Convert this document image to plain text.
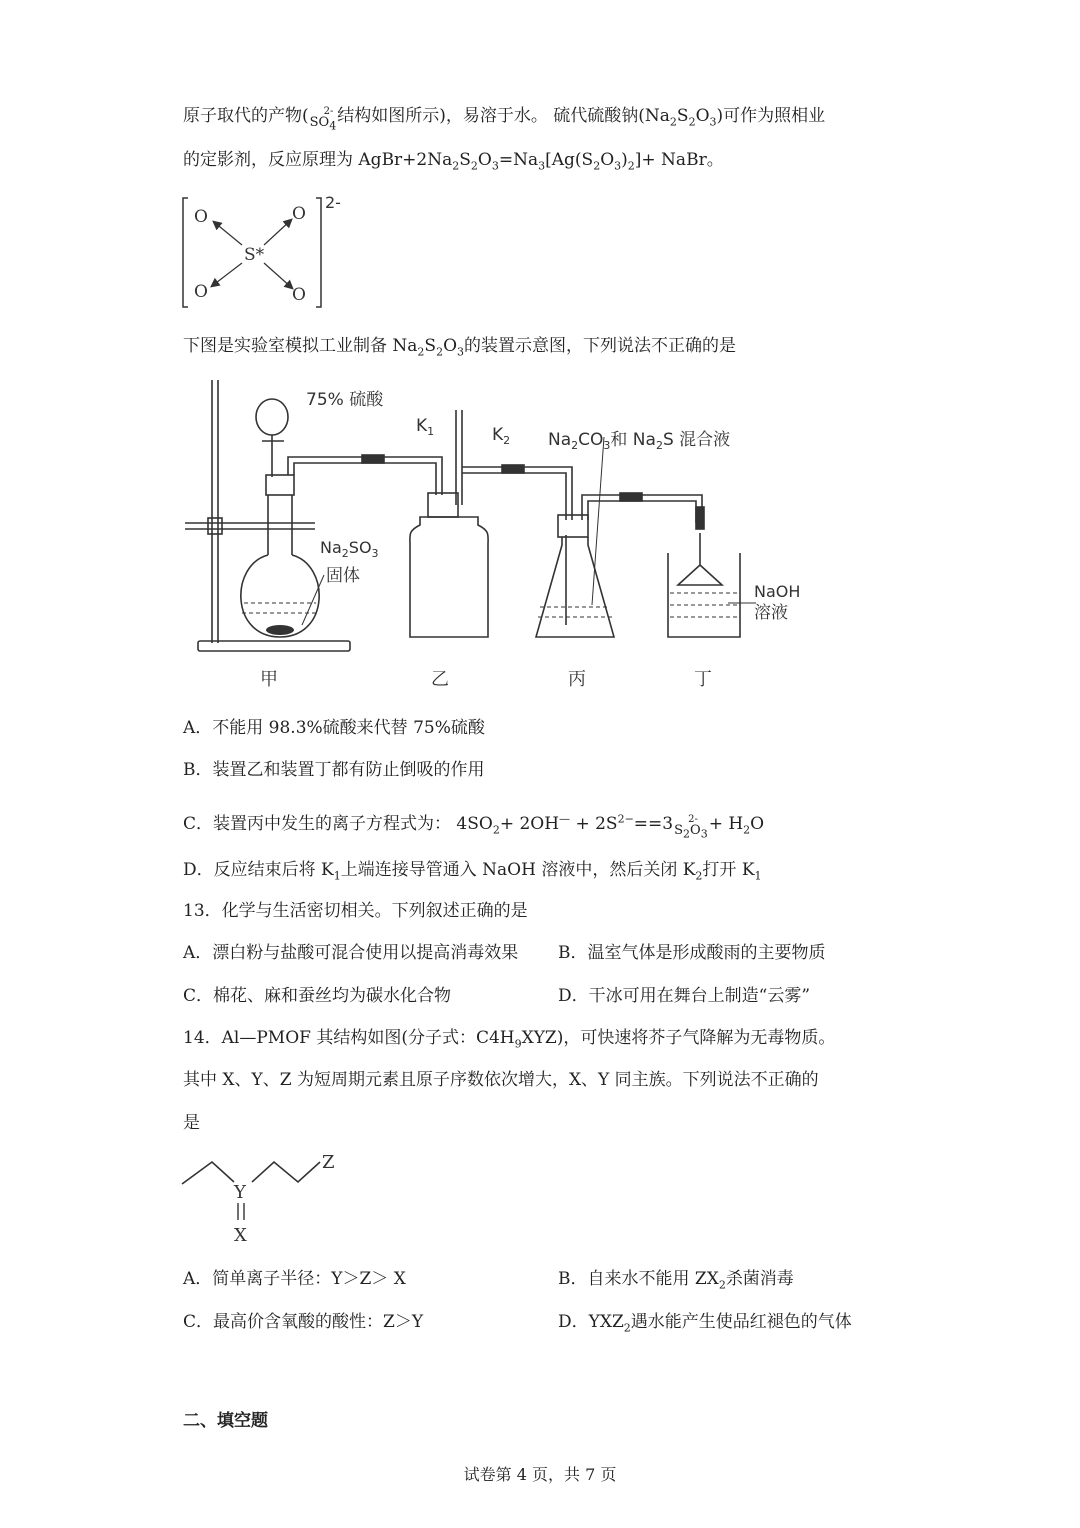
原子取代的产物(	2-
$SO_4$结构如图所示)，易溶于水。 硫代硫酸钠$(Na_2S_2O_3)$可作为照相业
的定影剂，反应原理为 $AgBr+2Na_2S_2O_3=Na_3[Ag(S_2O_3)_2]+$ NaBr。
2-
O	O
O	O
S*
下图是实验室模拟工业制备 $Na_2S_2O_3$的装置示意图，下列说法不正确的是
75% 硫酸
$K_1$	$K_2$ $Na_2CO_3$和 $Na_2S$ 混合液
$Na_2SO_3$
固体
NaOH
溶液
甲	乙	丙	丁
A．不能用 98.3%硫酸来代替 75%硫酸
B．装置乙和装置丁都有防止倒吸的作用
C．装置丙中发生的离子方程式为： $4SO_2+ 2OH^— + 2S^{2-}==3$	2-
$S_2O_3+ H_2O$
D．反应结束后将 $K_1$上端连接导管通入 NaOH 溶液中，然后关闭 $K_2$打开 $K_1$
13．化学与生活密切相关。下列叙述正确的是
A．漂白粉与盐酸可混合使用以提高消毒效果 B．温室气体是形成酸雨的主要物质
C．棉花、麻和蚕丝均为碳水化合物	D．干冰可用在舞台上制造“云雾”
14．Al—PMOF 其结构如图(分子式：$C4H_9XYZ$)，可快速将芥子气降解为无毒物质。
其中 X、Y、Z 为短周期元素且原子序数依次增大，X、Y 同主族。下列说法不正确的
是
Z
Y
X
A．简单离子半径：Y＞Z＞ X	B．自来水不能用 $ZX_2$杀菌消毒
C．最高价含氧酸的酸性：Z＞Y	D．$YXZ_2$遇水能产生使品红褪色的气体
二、填空题
试卷第 4 页，共 7 页
